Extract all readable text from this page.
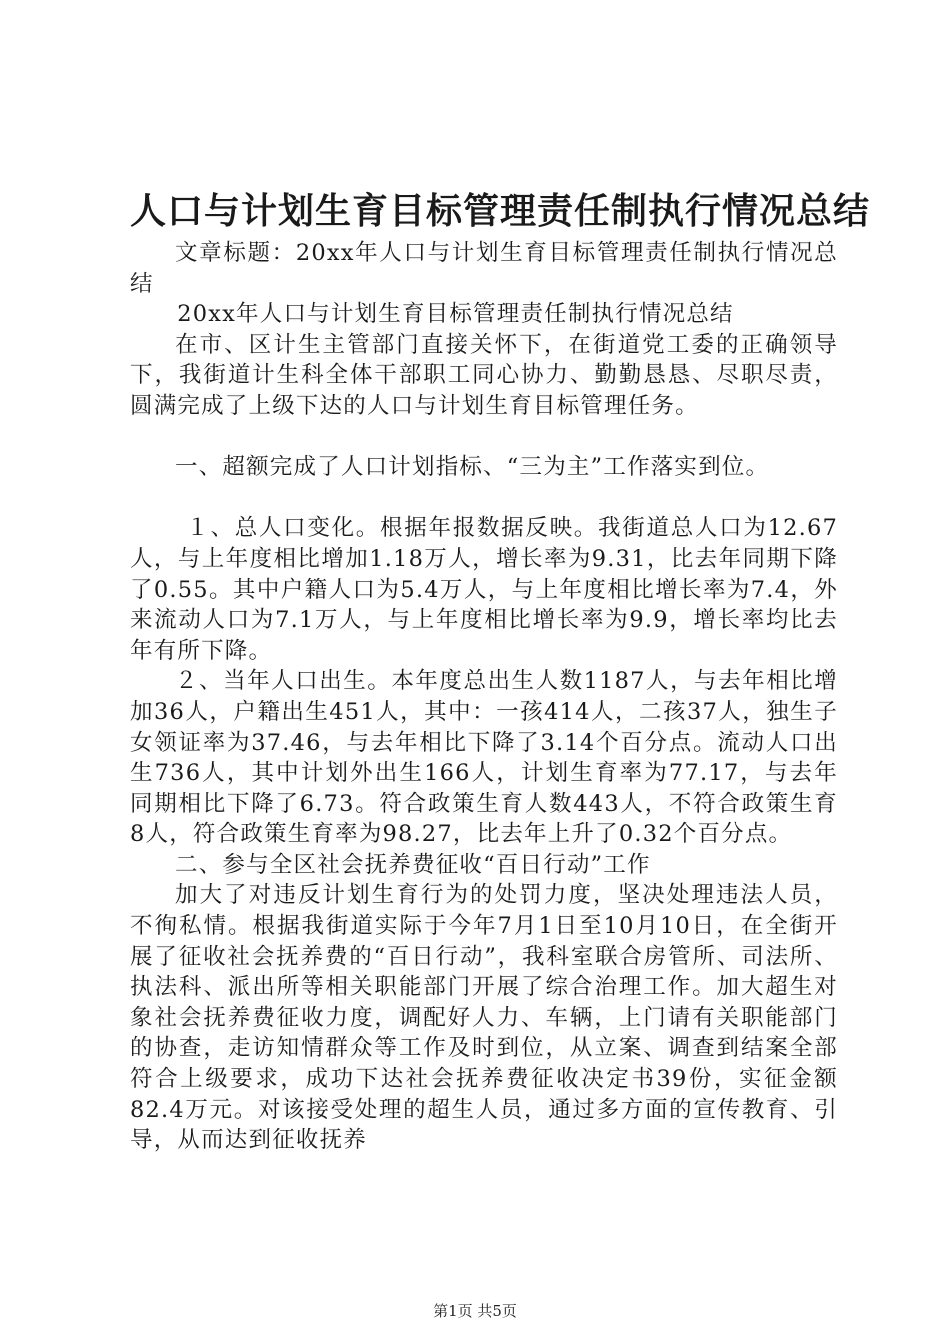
人口与计划生育目标管理责任制执行情况总结

文章标题：20xx年人口与计划生育目标管理责任制执行情况总结

20xx年人口与计划生育目标管理责任制执行情况总结

在市、区计生主管部门直接关怀下，在街道党工委的正确领导下，我街道计生科全体干部职工同心协力、勤勤恳恳、尽职尽责，圆满完成了上级下达的人口与计划生育目标管理任务。

一、超额完成了人口计划指标、“三为主”工作落实到位。

１、总人口变化。根据年报数据反映。我街道总人口为12.67人，与上年度相比增加1.18万人，增长率为9.31，比去年同期下降了0.55。其中户籍人口为5.4万人，与上年度相比增长率为7.4，外来流动人口为7.1万人，与上年度相比增长率为9.9，增长率均比去年有所下降。

２、当年人口出生。本年度总出生人数1187人，与去年相比增加36人，户籍出生451人，其中：一孩414人，二孩37人，独生子女领证率为37.46，与去年相比下降了3.14个百分点。流动人口出生736人，其中计划外出生166人，计划生育率为77.17，与去年同期相比下降了6.73。符合政策生育人数443人，不符合政策生育8人，符合政策生育率为98.27，比去年上升了0.32个百分点。

二、参与全区社会抚养费征收“百日行动”工作

加大了对违反计划生育行为的处罚力度，坚决处理违法人员，不徇私情。根据我街道实际于今年7月1日至10月10日，在全街开展了征收社会抚养费的“百日行动”，我科室联合房管所、司法所、执法科、派出所等相关职能部门开展了综合治理工作。加大超生对象社会抚养费征收力度，调配好人力、车辆，上门请有关职能部门的协查，走访知情群众等工作及时到位，从立案、调查到结案全部符合上级要求，成功下达社会抚养费征收决定书39份，实征金额82.4万元。对该接受处理的超生人员，通过多方面的宣传教育、引导，从而达到征收抚养

第1页 共5页
